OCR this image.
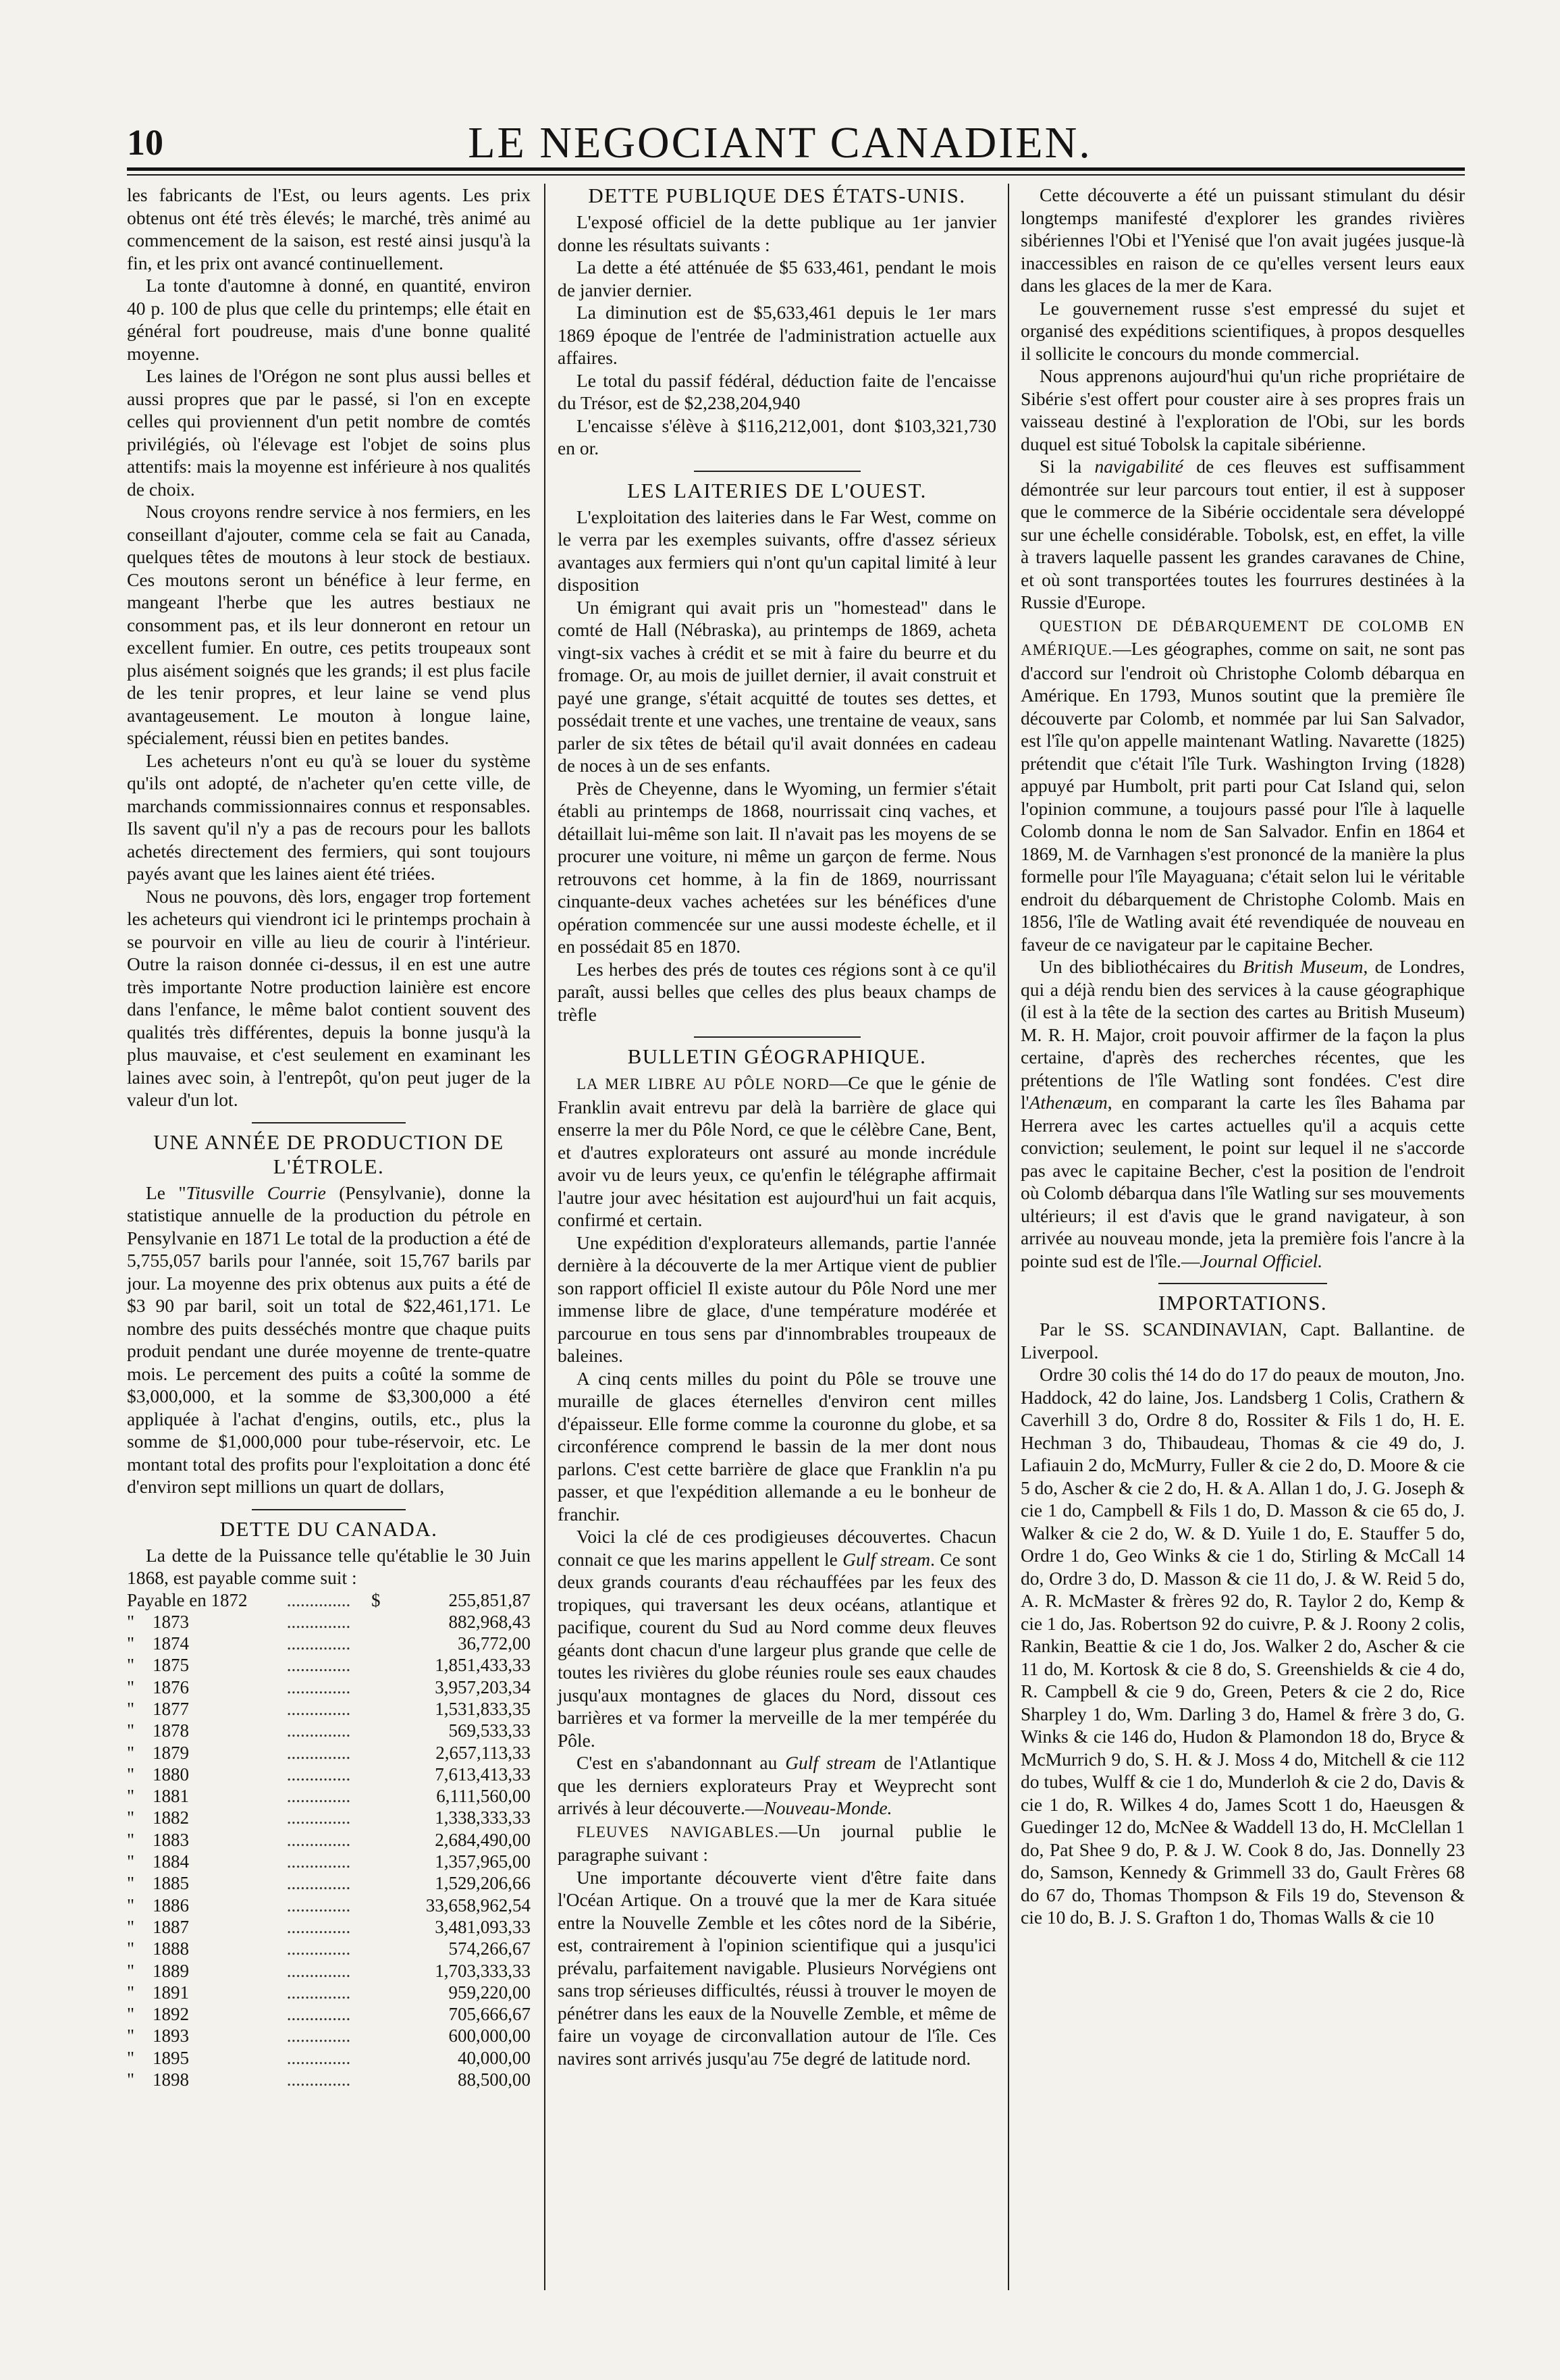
10	LE NEGOCIANT CANADIEN.

les fabricants de l'Est, ou leurs agents. Les prix obtenus ont été très élevés; le marché, très animé au commencement de la saison, est resté ainsi jusqu'à la fin, et les prix ont avancé continuellement.

La tonte d'automne à donné, en quantité, environ 40 p. 100 de plus que celle du printemps; elle était en général fort poudreuse, mais d'une bonne qualité moyenne.

Les laines de l'Orégon ne sont plus aussi belles et aussi propres que par le passé, si l'on en excepte celles qui proviennent d'un petit nombre de comtés privilégiés, où l'élevage est l'objet de soins plus attentifs: mais la moyenne est inférieure à nos qualités de choix.

Nous croyons rendre service à nos fermiers, en les conseillant d'ajouter, comme cela se fait au Canada, quelques têtes de moutons à leur stock de bestiaux. Ces moutons seront un bénéfice à leur ferme, en mangeant l'herbe que les autres bestiaux ne consomment pas, et ils leur donneront en retour un excellent fumier. En outre, ces petits troupeaux sont plus aisément soignés que les grands; il est plus facile de les tenir propres, et leur laine se vend plus avantageusement. Le mouton à longue laine, spécialement, réussi bien en petites bandes.

Les acheteurs n'ont eu qu'à se louer du système qu'ils ont adopté, de n'acheter qu'en cette ville, de marchands commissionnaires connus et responsables. Ils savent qu'il n'y a pas de recours pour les ballots achetés directement des fermiers, qui sont toujours payés avant que les laines aient été triées.

Nous ne pouvons, dès lors, engager trop fortement les acheteurs qui viendront ici le printemps prochain à se pourvoir en ville au lieu de courir à l'intérieur. Outre la raison donnée ci-dessus, il en est une autre très importante Notre production lainière est encore dans l'enfance, le même balot contient souvent des qualités très différentes, depuis la bonne jusqu'à la plus mauvaise, et c'est seulement en examinant les laines avec soin, à l'entrepôt, qu'on peut juger de la valeur d'un lot.

UNE ANNÉE DE PRODUCTION DE L'ÉTROLE.

Le "Titusville Courrie (Pensylvanie), donne la statistique annuelle de la production du pétrole en Pensylvanie en 1871 Le total de la production a été de 5,755,057 barils pour l'année, soit 15,767 barils par jour. La moyenne des prix obtenus aux puits a été de $3 90 par baril, soit un total de $22,461,171. Le nombre des puits desséchés montre que chaque puits produit pendant une durée moyenne de trente-quatre mois. Le percement des puits a coûté la somme de $3,000,000, et la somme de $3,300,000 a été appliquée à l'achat d'engins, outils, etc., plus la somme de $1,000,000 pour tube-réservoir, etc. Le montant total des profits pour l'exploitation a donc été d'environ sept millions un quart de dollars,

DETTE DU CANADA.

La dette de la Puissance telle qu'établie le 30 Juin 1868, est payable comme suit :

Payable en 1872	..............	$	255,851,87
"    1873	..............		882,968,43
"    1874	..............		36,772,00
"    1875	..............		1,851,433,33
"    1876	..............		3,957,203,34
"    1877	..............		1,531,833,35
"    1878	..............		569,533,33
"    1879	..............		2,657,113,33
"    1880	..............		7,613,413,33
"    1881	..............		6,111,560,00
"    1882	..............		1,338,333,33
"    1883	..............		2,684,490,00
"    1884	..............		1,357,965,00
"    1885	..............		1,529,206,66
"    1886	..............		33,658,962,54
"    1887	..............		3,481,093,33
"    1888	..............		574,266,67
"    1889	..............		1,703,333,33
"    1891	..............		959,220,00
"    1892	..............		705,666,67
"    1893	..............		600,000,00
"    1895	..............		40,000,00
"    1898	..............		88,500,00
DETTE PUBLIQUE DES ÉTATS-UNIS.

L'exposé officiel de la dette publique au 1er janvier donne les résultats suivants :

La dette a été atténuée de $5 633,461, pendant le mois de janvier dernier.

La diminution est de $5,633,461 depuis le 1er mars 1869 époque de l'entrée de l'administration actuelle aux affaires.

Le total du passif fédéral, déduction faite de l'encaisse du Trésor, est de $2,238,204,940

L'encaisse s'élève à $116,212,001, dont $103,321,730 en or.

LES LAITERIES DE L'OUEST.

L'exploitation des laiteries dans le Far West, comme on le verra par les exemples suivants, offre d'assez sérieux avantages aux fermiers qui n'ont qu'un capital limité à leur disposition

Un émigrant qui avait pris un "homestead" dans le comté de Hall (Nébraska), au printemps de 1869, acheta vingt-six vaches à crédit et se mit à faire du beurre et du fromage. Or, au mois de juillet dernier, il avait construit et payé une grange, s'était acquitté de toutes ses dettes, et possédait trente et une vaches, une trentaine de veaux, sans parler de six têtes de bétail qu'il avait données en cadeau de noces à un de ses enfants.

Près de Cheyenne, dans le Wyoming, un fermier s'était établi au printemps de 1868, nourrissait cinq vaches, et détaillait lui-même son lait. Il n'avait pas les moyens de se procurer une voiture, ni même un garçon de ferme. Nous retrouvons cet homme, à la fin de 1869, nourrissant cinquante-deux vaches achetées sur les bénéfices d'une opération commencée sur une aussi modeste échelle, et il en possédait 85 en 1870.

Les herbes des prés de toutes ces régions sont à ce qu'il paraît, aussi belles que celles des plus beaux champs de trèfle

BULLETIN GÉOGRAPHIQUE.

LA MER LIBRE AU PÔLE NORD—Ce que le génie de Franklin avait entrevu par delà la barrière de glace qui enserre la mer du Pôle Nord, ce que le célèbre Cane, Bent, et d'autres explorateurs ont assuré au monde incrédule avoir vu de leurs yeux, ce qu'enfin le télégraphe affirmait l'autre jour avec hésitation est aujourd'hui un fait acquis, confirmé et certain.

Une expédition d'explorateurs allemands, partie l'année dernière à la découverte de la mer Artique vient de publier son rapport officiel Il existe autour du Pôle Nord une mer immense libre de glace, d'une température modérée et parcourue en tous sens par d'innombrables troupeaux de baleines.

A cinq cents milles du point du Pôle se trouve une muraille de glaces éternelles d'environ cent milles d'épaisseur. Elle forme comme la couronne du globe, et sa circonférence comprend le bassin de la mer dont nous parlons. C'est cette barrière de glace que Franklin n'a pu passer, et que l'expédition allemande a eu le bonheur de franchir.

Voici la clé de ces prodigieuses découvertes. Chacun connait ce que les marins appellent le Gulf stream. Ce sont deux grands courants d'eau réchauffées par les feux des tropiques, qui traversant les deux océans, atlantique et pacifique, courent du Sud au Nord comme deux fleuves géants dont chacun d'une largeur plus grande que celle de toutes les rivières du globe réunies roule ses eaux chaudes jusqu'aux montagnes de glaces du Nord, dissout ces barrières et va former la merveille de la mer tempérée du Pôle.

C'est en s'abandonnant au Gulf stream de l'Atlantique que les derniers explorateurs Pray et Weyprecht sont arrivés à leur découverte.—Nouveau-Monde.

FLEUVES NAVIGABLES.—Un journal publie le paragraphe suivant :

Une importante découverte vient d'être faite dans l'Océan Artique. On a trouvé que la mer de Kara située entre la Nouvelle Zemble et les côtes nord de la Sibérie, est, contrairement à l'opinion scientifique qui a jusqu'ici prévalu, parfaitement navigable. Plusieurs Norvégiens ont sans trop sérieuses difficultés, réussi à trouver le moyen de pénétrer dans les eaux de la Nouvelle Zemble, et même de faire un voyage de circonvallation autour de l'île. Ces navires sont arrivés jusqu'au 75e degré de latitude nord.

Cette découverte a été un puissant stimulant du désir longtemps manifesté d'explorer les grandes rivières sibériennes l'Obi et l'Yenisé que l'on avait jugées jusque-là inaccessibles en raison de ce qu'elles versent leurs eaux dans les glaces de la mer de Kara.

Le gouvernement russe s'est empressé du sujet et organisé des expéditions scientifiques, à propos desquelles il sollicite le concours du monde commercial.

Nous apprenons aujourd'hui qu'un riche propriétaire de Sibérie s'est offert pour couster aire à ses propres frais un vaisseau destiné à l'exploration de l'Obi, sur les bords duquel est situé Tobolsk la capitale sibérienne.

Si la navigabilité de ces fleuves est suffisamment démontrée sur leur parcours tout entier, il est à supposer que le commerce de la Sibérie occidentale sera développé sur une échelle considérable. Tobolsk, est, en effet, la ville à travers laquelle passent les grandes caravanes de Chine, et où sont transportées toutes les fourrures destinées à la Russie d'Europe.

QUESTION DE DÉBARQUEMENT DE COLOMB EN AMÉRIQUE.—Les géographes, comme on sait, ne sont pas d'accord sur l'endroit où Christophe Colomb débarqua en Amérique. En 1793, Munos soutint que la première île découverte par Colomb, et nommée par lui San Salvador, est l'île qu'on appelle maintenant Watling. Navarette (1825) prétendit que c'était l'île Turk. Washington Irving (1828) appuyé par Humbolt, prit parti pour Cat Island qui, selon l'opinion commune, a toujours passé pour l'île à laquelle Colomb donna le nom de San Salvador. Enfin en 1864 et 1869, M. de Varnhagen s'est prononcé de la manière la plus formelle pour l'île Mayaguana; c'était selon lui le véritable endroit du débarquement de Christophe Colomb. Mais en 1856, l'île de Watling avait été revendiquée de nouveau en faveur de ce navigateur par le capitaine Becher.

Un des bibliothécaires du British Museum, de Londres, qui a déjà rendu bien des services à la cause géographique (il est à la tête de la section des cartes au British Museum) M. R. H. Major, croit pouvoir affirmer de la façon la plus certaine, d'après des recherches récentes, que les prétentions de l'île Watling sont fondées. C'est dire l'Athenæum, en comparant la carte les îles Bahama par Herrera avec les cartes actuelles qu'il a acquis cette conviction; seulement, le point sur lequel il ne s'accorde pas avec le capitaine Becher, c'est la position de l'endroit où Colomb débarqua dans l'île Watling sur ses mouvements ultérieurs; il est d'avis que le grand navigateur, à son arrivée au nouveau monde, jeta la première fois l'ancre à la pointe sud est de l'île.—Journal Officiel.

IMPORTATIONS.

Par le SS. SCANDINAVIAN, Capt. Ballantine. de Liverpool.

Ordre 30 colis thé 14 do do 17 do peaux de mouton, Jno. Haddock, 42 do laine, Jos. Landsberg 1 Colis, Crathern & Caverhill 3 do, Ordre 8 do, Rossiter & Fils 1 do, H. E. Hechman 3 do, Thibaudeau, Thomas & cie 49 do, J. Lafiauin 2 do, McMurry, Fuller & cie 2 do, D. Moore & cie 5 do, Ascher & cie 2 do, H. & A. Allan 1 do, J. G. Joseph & cie 1 do, Campbell & Fils 1 do, D. Masson & cie 65 do, J. Walker & cie 2 do, W. & D. Yuile 1 do, E. Stauffer 5 do, Ordre 1 do, Geo Winks & cie 1 do, Stirling & McCall 14 do, Ordre 3 do, D. Masson & cie 11 do, J. & W. Reid 5 do, A. R. McMaster & frères 92 do, R. Taylor 2 do, Kemp & cie 1 do, Jas. Robertson 92 do cuivre, P. & J. Roony 2 colis, Rankin, Beattie & cie 1 do, Jos. Walker 2 do, Ascher & cie 11 do, M. Kortosk & cie 8 do, S. Greenshields & cie 4 do, R. Campbell & cie 9 do, Green, Peters & cie 2 do, Rice Sharpley 1 do, Wm. Darling 3 do, Hamel & frère 3 do, G. Winks & cie 146 do, Hudon & Plamondon 18 do, Bryce & McMurrich 9 do, S. H. & J. Moss 4 do, Mitchell & cie 112 do tubes, Wulff & cie 1 do, Munderloh & cie 2 do, Davis & cie 1 do, R. Wilkes 4 do, James Scott 1 do, Haeusgen & Guedinger 12 do, McNee & Waddell 13 do, H. McClellan 1 do, Pat Shee 9 do, P. & J. W. Cook 8 do, Jas. Donnelly 23 do, Samson, Kennedy & Grimmell 33 do, Gault Frères 68 do 67 do, Thomas Thompson & Fils 19 do, Stevenson & cie 10 do, B. J. S. Grafton 1 do, Thomas Walls & cie 10
